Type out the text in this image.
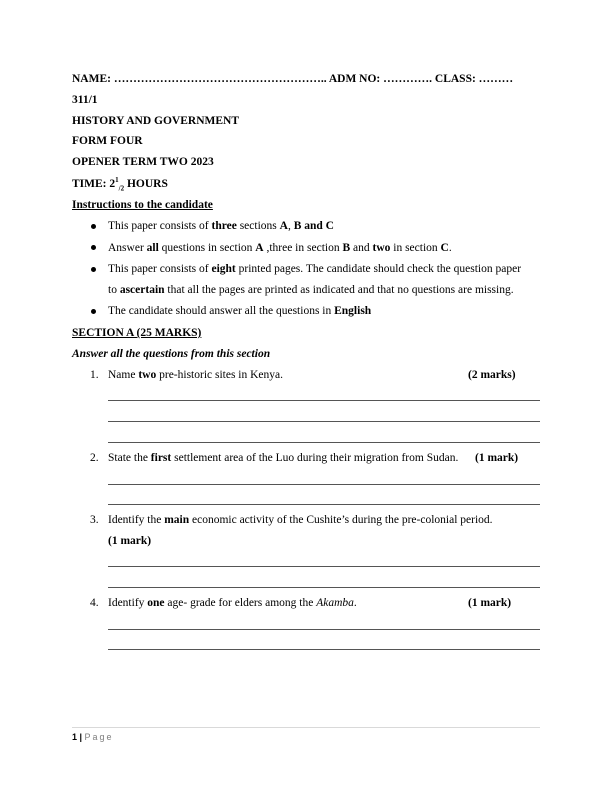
NAME: ……………………………………………….. ADM NO: …………. CLASS: ………
311/1
HISTORY AND GOVERNMENT
FORM FOUR
OPENER TERM TWO 2023
TIME: $2^1_{/2}$ HOURS
Instructions to the candidate
This paper consists of three sections A, B and C
Answer all questions in section A ,three in section B and two in section C.
This paper consists of eight printed pages. The candidate should check the question paper
to ascertain that all the pages are printed as indicated and that no questions are missing.
The candidate should answer all the questions in English
SECTION A (25 MARKS)
Answer all the questions from this section
1. Name two pre-historic sites in Kenya.	(2 marks)
2. State the first settlement area of the Luo during their migration from Sudan. (1 mark)
3. Identify the main economic activity of the Cushite’s during the pre-colonial period.
(1 mark)
4. Identify one age- grade for elders among the Akamba.	(1 mark)
1 | Page
